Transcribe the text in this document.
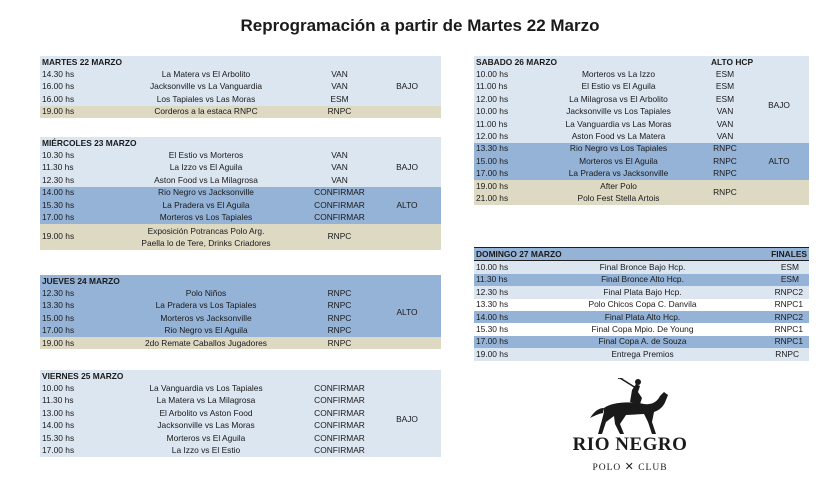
Reprogramación a partir de Martes 22 Marzo
MARTES 22 MARZO			
14.30 hs	La Matera vs El Arbolito	VAN	BAJO
16.00 hs	Jacksonville vs La Vanguardia	VAN	
16.00 hs	Los Tapiales vs Las Moras	ESM	
19.00 hs	Corderos a la estaca RNPC	RNPC	
MIÉRCOLES 23 MARZO			
10.30 hs	El Estio vs Morteros	VAN	BAJO
11.30 hs	La Izzo vs El Aguila	VAN	
12.30 hs	Aston Food vs La Milagrosa	VAN	
14.00 hs	Rio Negro vs Jacksonville	CONFIRMAR	ALTO
15.30 hs	La Pradera vs El Aguila	CONFIRMAR	
17.00 hs	Morteros vs Los Tapiales	CONFIRMAR	
19.00 hs	Exposición Potrancas Polo Arg.
Paella lo de Tere, Drinks Criadores	RNPC	
JUEVES 24 MARZO			
12.30 hs	Polo Niños	RNPC	ALTO
13.30 hs	La Pradera vs Los Tapiales	RNPC	
15.00 hs	Morteros vs Jacksonville	RNPC	
17.00 hs	Rio Negro vs El Aguila	RNPC	
19.00 hs	2do Remate Caballos Jugadores	RNPC	
VIERNES 25 MARZO			
10.00 hs	La Vanguardia vs Los Tapiales	CONFIRMAR	BAJO
11.30 hs	La Matera vs La Milagrosa	CONFIRMAR	
13.00 hs	El Arbolito vs Aston Food	CONFIRMAR	
14.00 hs	Jacksonville vs Las Moras	CONFIRMAR	
15.30 hs	Morteros vs El Aguila	CONFIRMAR	
17.00 hs	La Izzo vs El Estio	CONFIRMAR	
SABADO 26 MARZO		ALTO HCP	
10.00 hs	Morteros vs La Izzo	ESM	BAJO
11.00 hs	El Estio vs El Aguila	ESM	
12.00 hs	La Milagrosa vs El Arbolito	ESM	
10.00 hs	Jacksonville vs Los Tapiales	VAN	
11.00 hs	La Vanguardia vs Las Moras	VAN	
12.00 hs	Aston Food vs La Matera	VAN	
13.30 hs	Rio Negro vs Los Tapiales	RNPC	ALTO
15.00 hs	Morteros vs El Aguila	RNPC	
17.00 hs	La Pradera vs Jacksonville	RNPC	
19.00 hs	After Polo	RNPC	
21.00 hs	Polo Fest Stella Artois		
DOMINGO 27 MARZO		FINALES
10.00 hs	Final Bronce Bajo Hcp.	ESM
11.30 hs	Final Bronce Alto Hcp.	ESM
12.30 hs	Final Plata Bajo Hcp.	RNPC2
13.30 hs	Polo Chicos Copa C. Danvila	RNPC1
14.00 hs	Final Plata Alto Hcp.	RNPC2
15.30 hs	Final Copa Mpio. De Young	RNPC1
17.00 hs	Final Copa A. de Souza	RNPC1
19.00 hs	Entrega Premios	RNPC
RIO NEGRO
POLO ✕ CLUB
